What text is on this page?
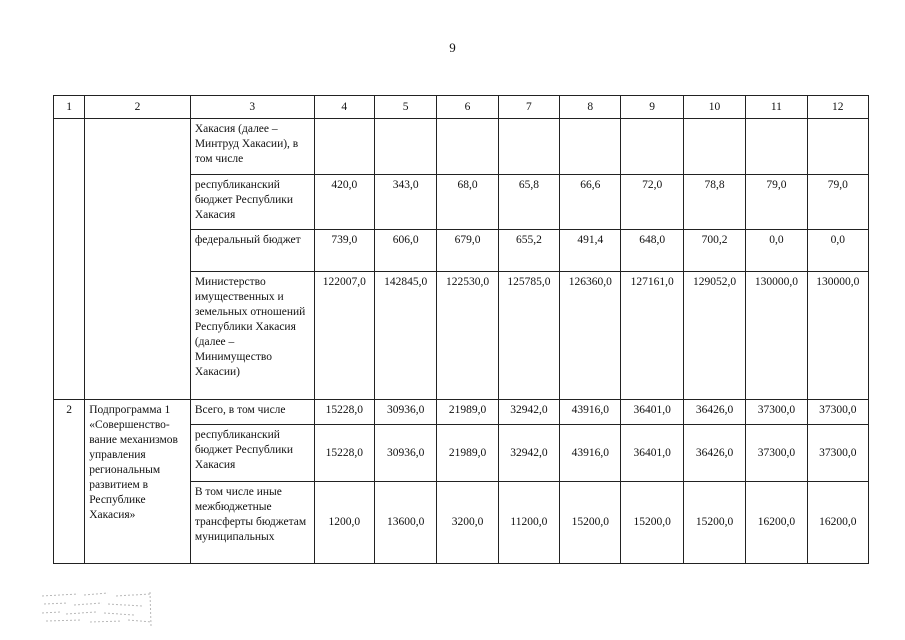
9
1	2	3	4	5	6	7	8	9	10	11	12
		Хакасия (далее – Минтруд Хакасии), в том числе									
		республиканский бюджет Республики Хакасия	420,0	343,0	68,0	65,8	66,6	72,0	78,8	79,0	79,0
		федеральный бюджет	739,0	606,0	679,0	655,2	491,4	648,0	700,2	0,0	0,0
		Министерство имущественных и земельных отношений Республики Хакасия (далее – Минимущество Хакасии)	122007,0	142845,0	122530,0	125785,0	126360,0	127161,0	129052,0	130000,0	130000,0
2	Подпрограмма 1 «Совершенство-вание механизмов управления региональным развитием в Республике Хакасия»	Всего, в том числе	15228,0	30936,0	21989,0	32942,0	43916,0	36401,0	36426,0	37300,0	37300,0
		республиканский бюджет Республики Хакасия	15228,0	30936,0	21989,0	32942,0	43916,0	36401,0	36426,0	37300,0	37300,0
		В том числе иные межбюджетные трансферты бюджетам муниципальных	1200,0	13600,0	3200,0	11200,0	15200,0	15200,0	15200,0	16200,0	16200,0
